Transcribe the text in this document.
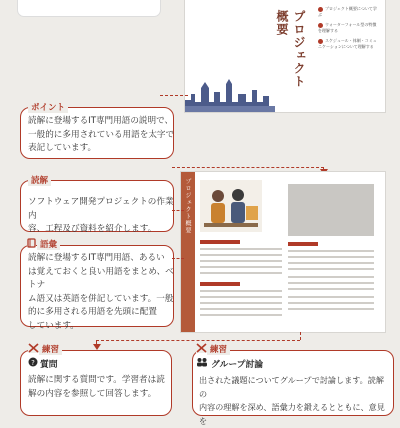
プロジェクト概要
プロジェクト概要について学ぶ
ウォーターフォール型の特徴を理解する
スケジュール・体制・コミュニケーションについて理解する
ポイント
読解に登場するIT専門用語の説明で、
一般的に多用されている用語を太字で
表記しています。
読解
ソフトウェア開発プロジェクトの作業内
容、工程及び資料を紹介します。	プロジェクト概要
語彙
読解に登場するIT専門用語、あるい
は覚えておくと良い用語をまとめ、ベトナ
ム語又は英語を併記しています。一般
的に多用される用語を先頭に配置
しています。
練習
? 質問
読解に関する質問です。学習者は読
解の内容を参照して回答します。
練習
グループ討論
出された議題についてグループで討論します。読解の
内容の理解を深め、語彙力を鍛えるとともに、意見を
